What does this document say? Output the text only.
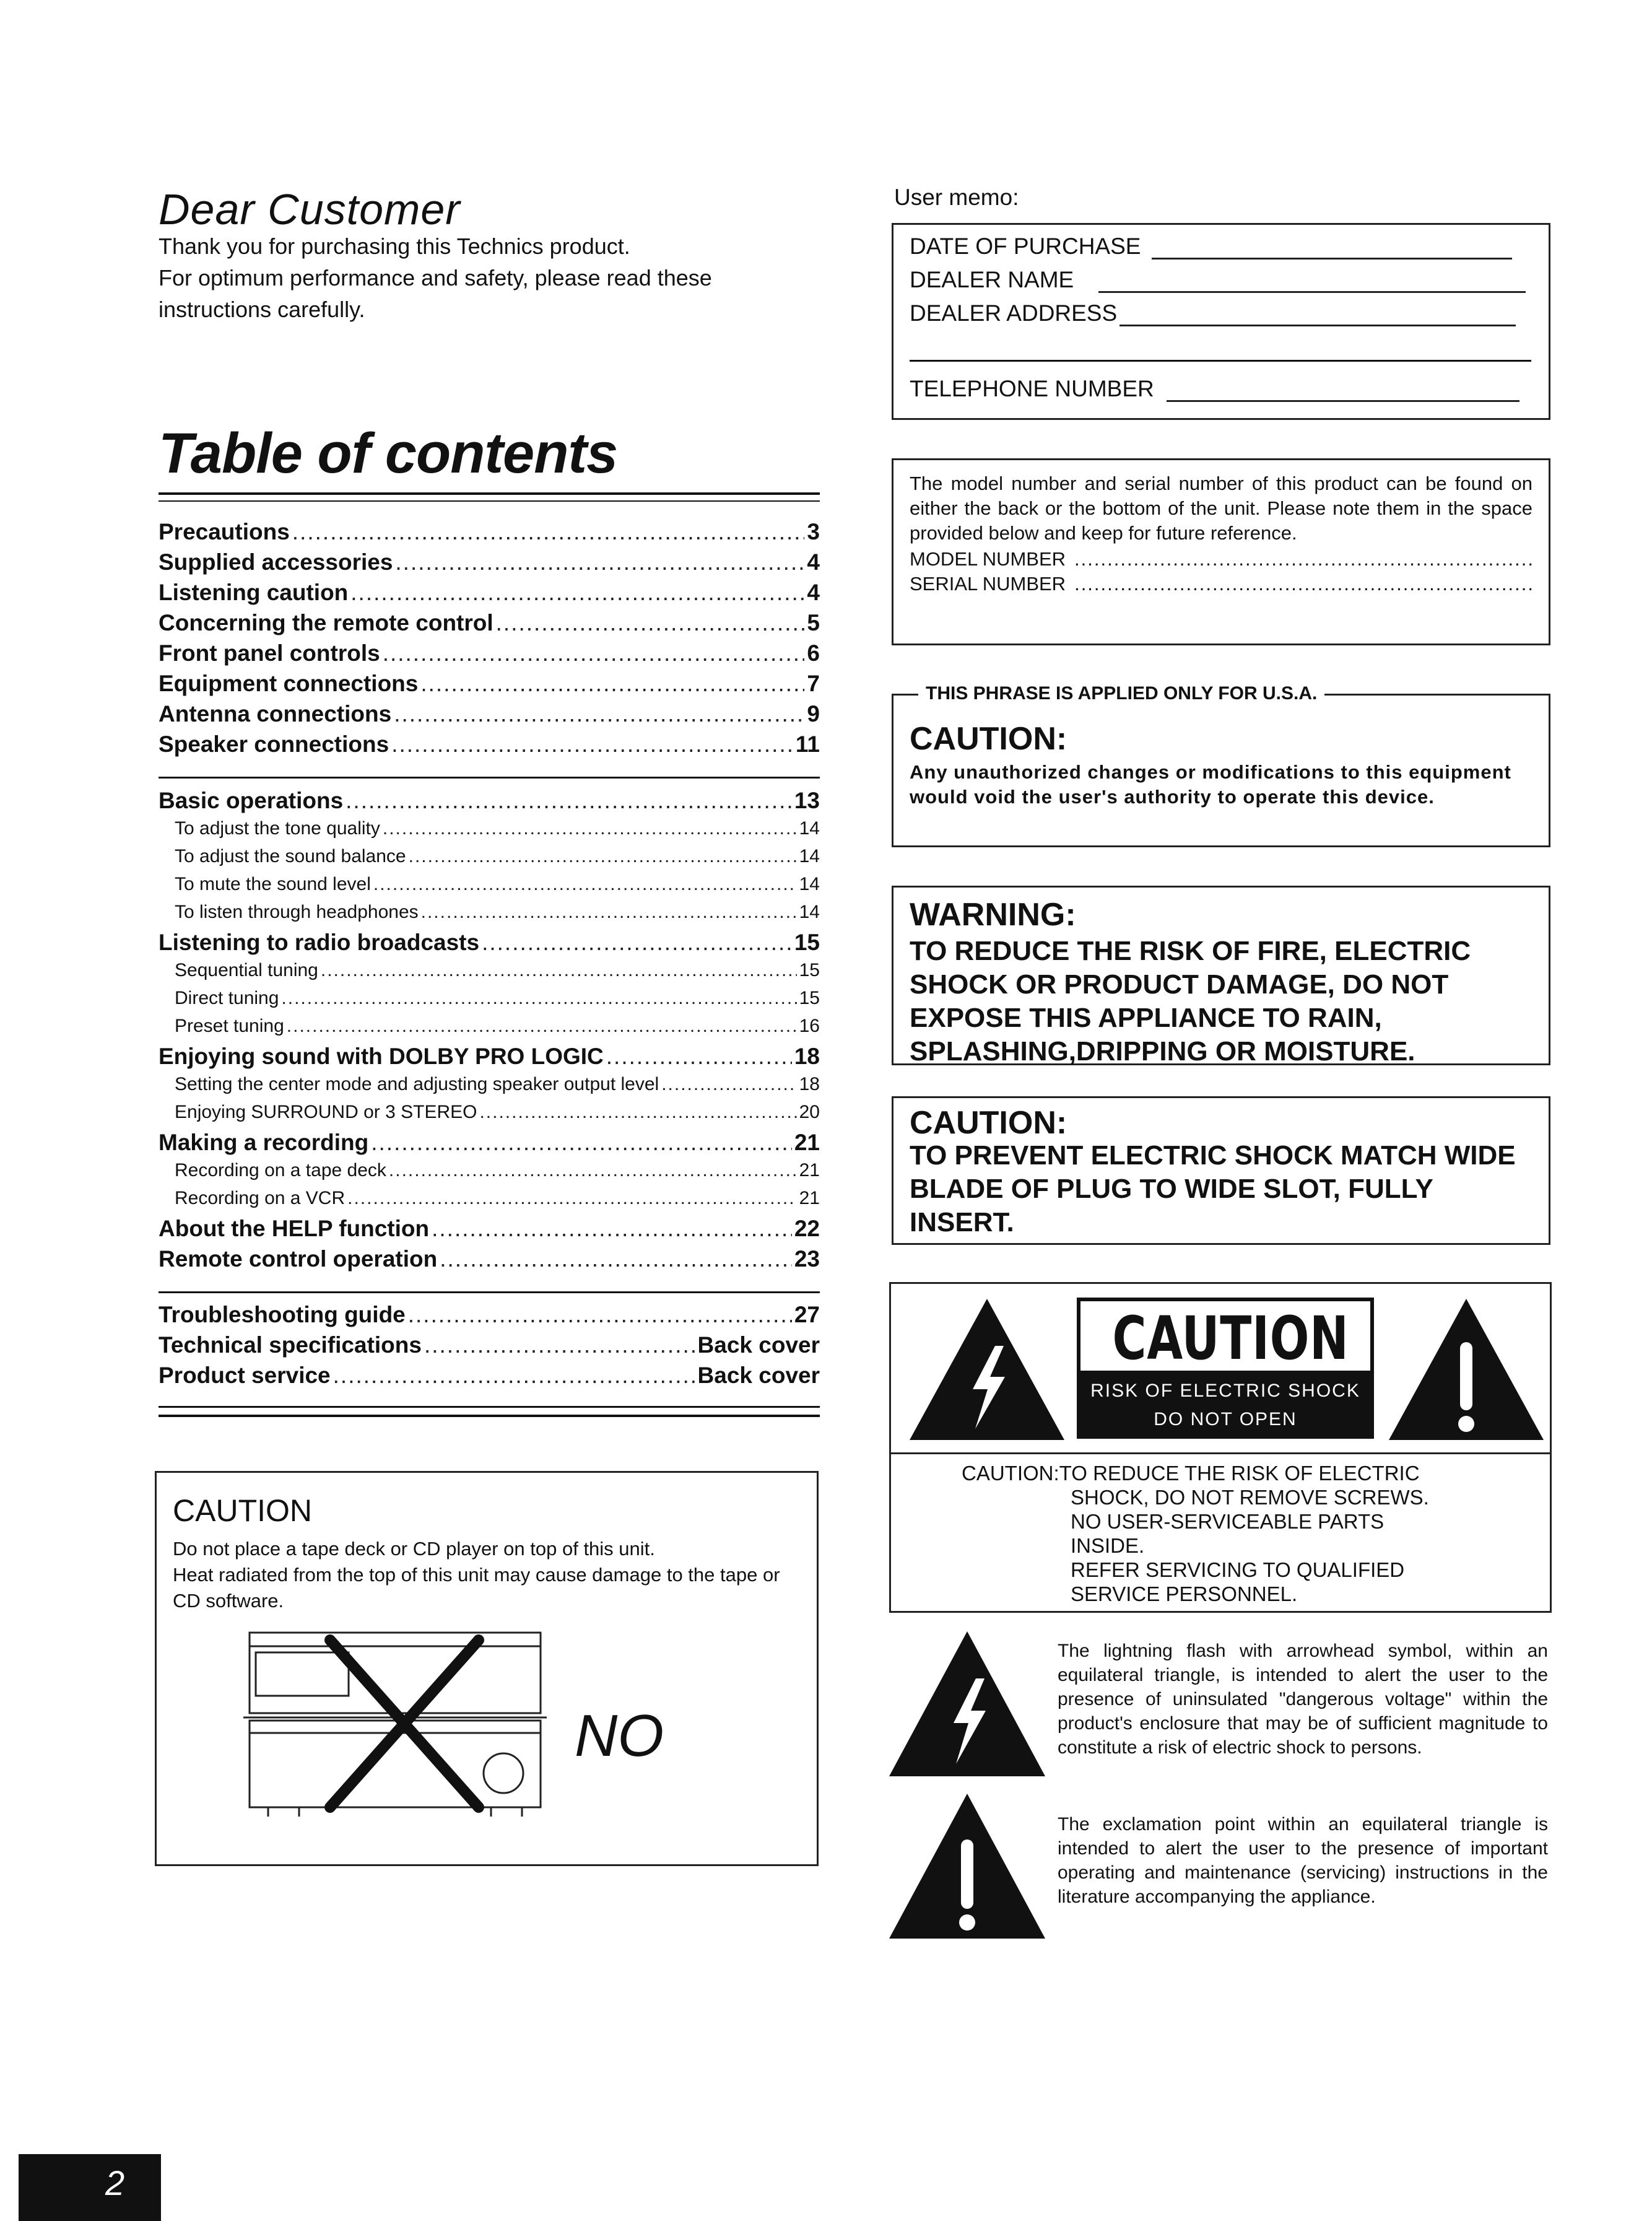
Dear Customer
Thank you for purchasing this Technics product.
For optimum performance and safety, please read these
instructions carefully.
Table of contents
Precautions .....	3
Supplied accessories .....	4
Listening caution .....	4
Concerning the remote control .....	5
Front panel controls .....	6
Equipment connections .....	7
Antenna connections .....	9
Speaker connections .....	11
Basic operations .....	13
To adjust the tone quality .....	14
To adjust the sound balance .....	14
To mute the sound level .....	14
To listen through headphones .....	14
Listening to radio broadcasts .....	15
Sequential tuning .....	15
Direct tuning .....	15
Preset tuning .....	16
Enjoying sound with DOLBY PRO LOGIC .....	18
Setting the center mode and adjusting speaker output level .....	18
Enjoying SURROUND or 3 STEREO .....	20
Making a recording .....	21
Recording on a tape deck .....	21
Recording on a VCR .....	21
About the HELP function .....	22
Remote control operation .....	23
Troubleshooting guide .....	27
Technical specifications .....	Back cover
Product service .....	Back cover
CAUTION
Do not place a tape deck or CD player on top of this unit.
Heat radiated from the top of this unit may cause damage to the tape or CD software.
NO
User memo:
DATE OF PURCHASE
DEALER NAME
DEALER ADDRESS
TELEPHONE NUMBER
The model number and serial number of this product can be found on either the back or the bottom of the unit. Please note them in the space provided below and keep for future reference.
MODEL NUMBER
.....
SERIAL NUMBER
.....
THIS PHRASE IS APPLIED ONLY FOR U.S.A.
CAUTION:
Any unauthorized changes or modifications to this equipment would void the user's authority to operate this device.
WARNING:
TO REDUCE THE RISK OF FIRE, ELECTRIC
SHOCK OR PRODUCT DAMAGE, DO NOT
EXPOSE THIS APPLIANCE TO RAIN,
SPLASHING,DRIPPING OR MOISTURE.
CAUTION:
TO PREVENT ELECTRIC SHOCK MATCH WIDE
BLADE OF PLUG TO WIDE SLOT, FULLY
INSERT.
CAUTION
RISK OF ELECTRIC SHOCK
DO NOT OPEN
CAUTION:TO REDUCE THE RISK OF ELECTRIC
SHOCK, DO NOT REMOVE SCREWS.
NO USER-SERVICEABLE PARTS
INSIDE.
REFER SERVICING TO QUALIFIED
SERVICE PERSONNEL.
The lightning flash with arrowhead symbol, within an equilateral triangle, is intended to alert the user to the presence of uninsulated "dangerous voltage" within the product's enclosure that may be of sufficient magnitude to constitute a risk of electric shock to persons.
The exclamation point within an equilateral triangle is intended to alert the user to the presence of important operating and maintenance (servicing) instructions in the literature accompanying the appliance.
2
